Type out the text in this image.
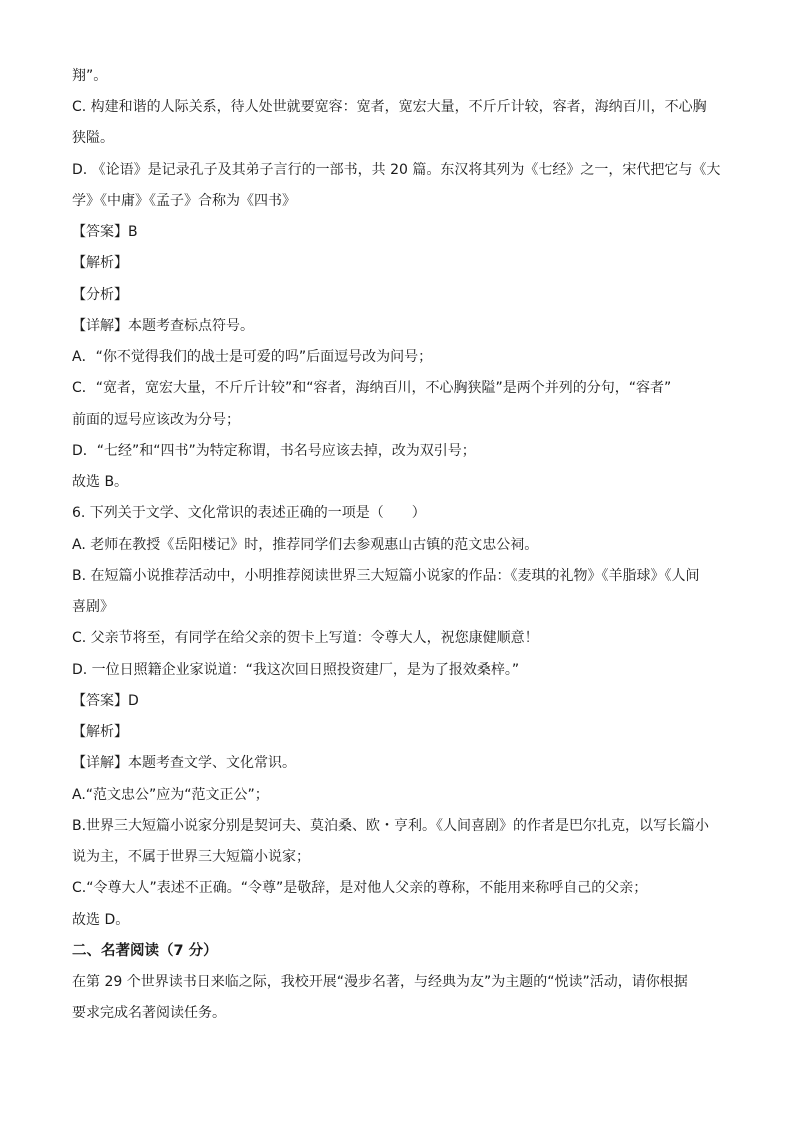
翔”。
C. 构建和谐的人际关系，待人处世就要宽容：宽者，宽宏大量，不斤斤计较，容者，海纳百川，不心胸
狭隘。
D. 《论语》是记录孔子及其弟子言行的一部书，共 20 篇。东汉将其列为《七经》之一，宋代把它与《大
学》《中庸》《孟子》合称为《四书》
【答案】B
【解析】
【分析】
【详解】本题考查标点符号。
A．“你不觉得我们的战士是可爱的吗”后面逗号改为问号；
C．“宽者，宽宏大量，不斤斤计较”和“容者，海纳百川，不心胸狭隘”是两个并列的分句，“容者”
前面的逗号应该改为分号；
D．“七经”和“四书”为特定称谓，书名号应该去掉，改为双引号；
故选 B。
6. 下列关于文学、文化常识的表述正确的一项是（　　）
A. 老师在教授《岳阳楼记》时，推荐同学们去参观惠山古镇的范文忠公祠。
B. 在短篇小说推荐活动中，小明推荐阅读世界三大短篇小说家的作品：《麦琪的礼物》《羊脂球》《人间
喜剧》
C. 父亲节将至，有同学在给父亲的贺卡上写道：令尊大人，祝您康健顺意！
D. 一位日照籍企业家说道：“我这次回日照投资建厂，是为了报效桑梓。”
【答案】D
【解析】
【详解】本题考查文学、文化常识。
A.“范文忠公”应为“范文正公”；
B.世界三大短篇小说家分别是契诃夫、莫泊桑、欧・亨利。《人间喜剧》的作者是巴尔扎克，以写长篇小
说为主，不属于世界三大短篇小说家；
C.“令尊大人”表述不正确。“令尊”是敬辞，是对他人父亲的尊称，不能用来称呼自己的父亲；
故选 D。
二、名著阅读（7 分）
在第 29 个世界读书日来临之际，我校开展“漫步名著，与经典为友”为主题的“悦读”活动，请你根据
要求完成名著阅读任务。
